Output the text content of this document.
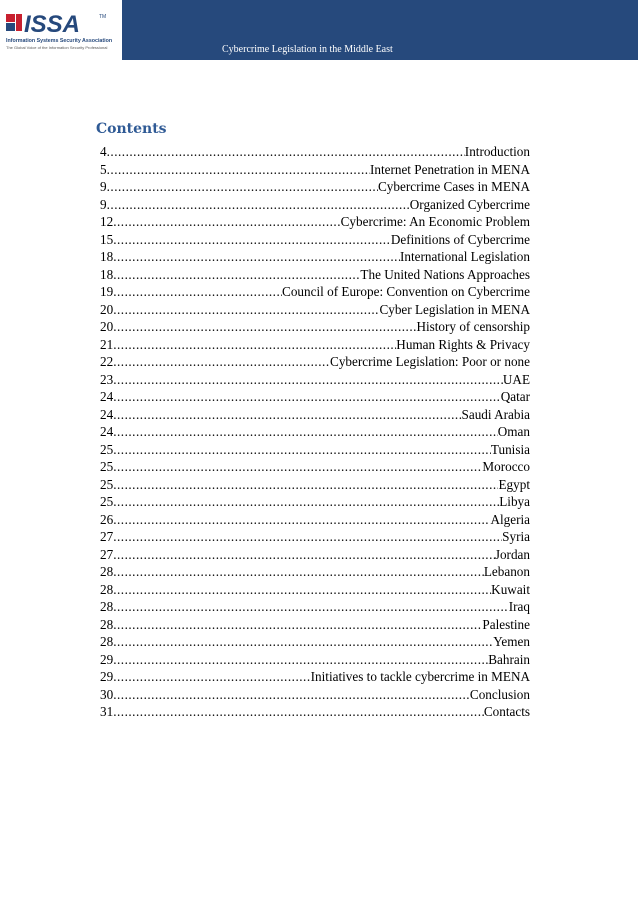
ISSA	TM
Information Systems Security Association
The Global Voice of the Information Security Professional	Cybercrime Legislation in the Middle East
Contents
4 .....	Introduction
5 .....	Internet Penetration in MENA
9 .....	Cybercrime Cases in MENA
9 .....	Organized Cybercrime
12 .....	Cybercrime: An Economic Problem
15 .....	Definitions of Cybercrime
18 .....	International Legislation
18 .....	The United Nations Approaches
19 .....	Council of Europe: Convention on Cybercrime
20 .....	Cyber Legislation in MENA
20 .....	History of censorship
21 .....	Human Rights & Privacy
22 .....	Cybercrime Legislation: Poor or none
23 .....	UAE
24 .....	Qatar
24 .....	Saudi Arabia
24 .....	Oman
25 .....	Tunisia
25 .....	Morocco
25 .....	Egypt
25 .....	Libya
26 .....	Algeria
27 .....	Syria
27 .....	Jordan
28 .....	Lebanon
28 .....	Kuwait
28 .....	Iraq
28 .....	Palestine
28 .....	Yemen
29 .....	Bahrain
29 .....	Initiatives to tackle cybercrime in MENA
30 .....	Conclusion
31 .....	Contacts
